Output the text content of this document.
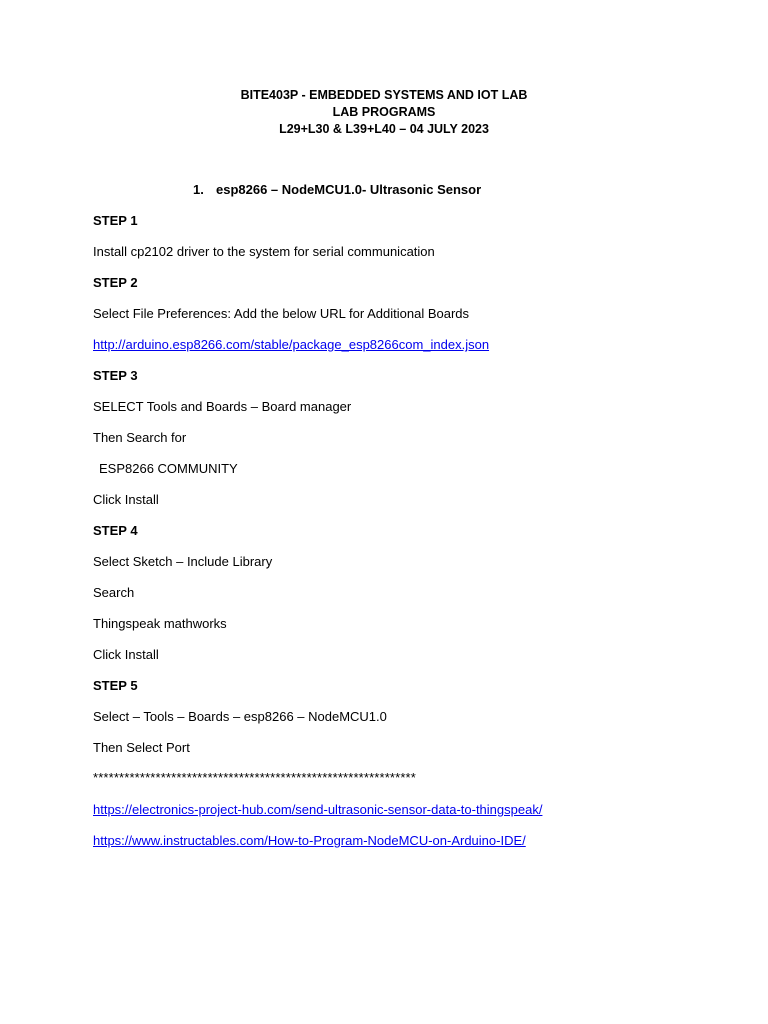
BITE403P - EMBEDDED SYSTEMS AND IOT LAB
LAB PROGRAMS
L29+L30 & L39+L40 – 04 JULY 2023
1. esp8266 – NodeMCU1.0- Ultrasonic Sensor
STEP 1
Install cp2102 driver to the system for serial communication
STEP 2
Select File Preferences: Add the below URL for Additional Boards
http://arduino.esp8266.com/stable/package_esp8266com_index.json
STEP 3
SELECT Tools and Boards – Board manager
Then Search for
ESP8266 COMMUNITY
Click Install
STEP 4
Select Sketch – Include Library
Search
Thingspeak mathworks
Click Install
STEP 5
Select – Tools – Boards – esp8266 – NodeMCU1.0
Then Select Port
**************************************************************
https://electronics-project-hub.com/send-ultrasonic-sensor-data-to-thingspeak/
https://www.instructables.com/How-to-Program-NodeMCU-on-Arduino-IDE/
